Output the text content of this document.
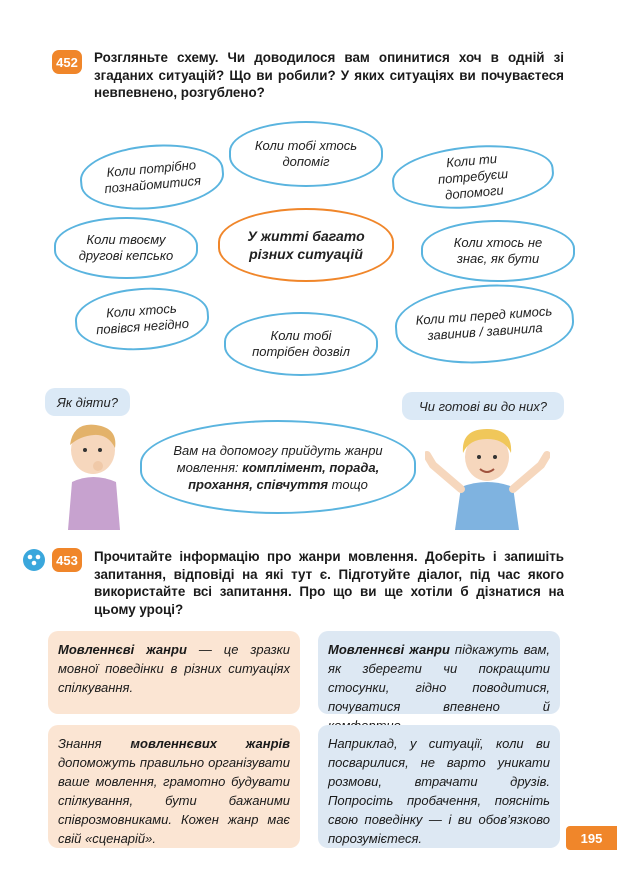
452 Розгляньте схему. Чи доводилося вам опинитися хоч в одній зі згаданих ситуацій? Що ви робили? У яких ситуаціях ви почуваєтеся невпевнено, розгублено?
Коли тобі хтось допоміг
Коли потрібно познайомитися
Коли ти потребуєш допомоги
Коли твоєму другові кепсько
У житті багато різних ситуацій
Коли хтось не знає, як бути
Коли хтось повівся негідно	Коли тобі потрібен дозвіл
Коли ти перед кимось завинив / завинила
Як діяти?	Чи готові ви до них?
Вам на допомогу прийдуть жанри
мовлення: комплімент, порада,
прохання, співчуття тощо
453 Прочитайте інформацію про жанри мовлення. Доберіть і запишіть запитання, відповіді на які тут є. Підготуйте діалог, під час якого використайте всі запитання. Про що ви ще хотіли б дізнатися на цьому уроці?
Мовленнєві жанри — це зразки мовної поведінки в різних ситуаціях спілкування.
Мовленнєві жанри підкажуть вам, як зберегти чи покращити стосунки, гідно поводитися, почуватися впевнено й
Знання мовленнєвих жанрів допоможуть правильно організувати ваше мовлення, грамотно будувати спілкування, бути бажаними співрозмовниками. Кожен жанр має свій «сценарій».
Наприклад, у ситуації, коли ви посварилися, не варто уникати розмови, втрачати друзів. Попросіть пробачення, поясніть свою поведінку — і ви обов’язково порозумієтеся.	195
